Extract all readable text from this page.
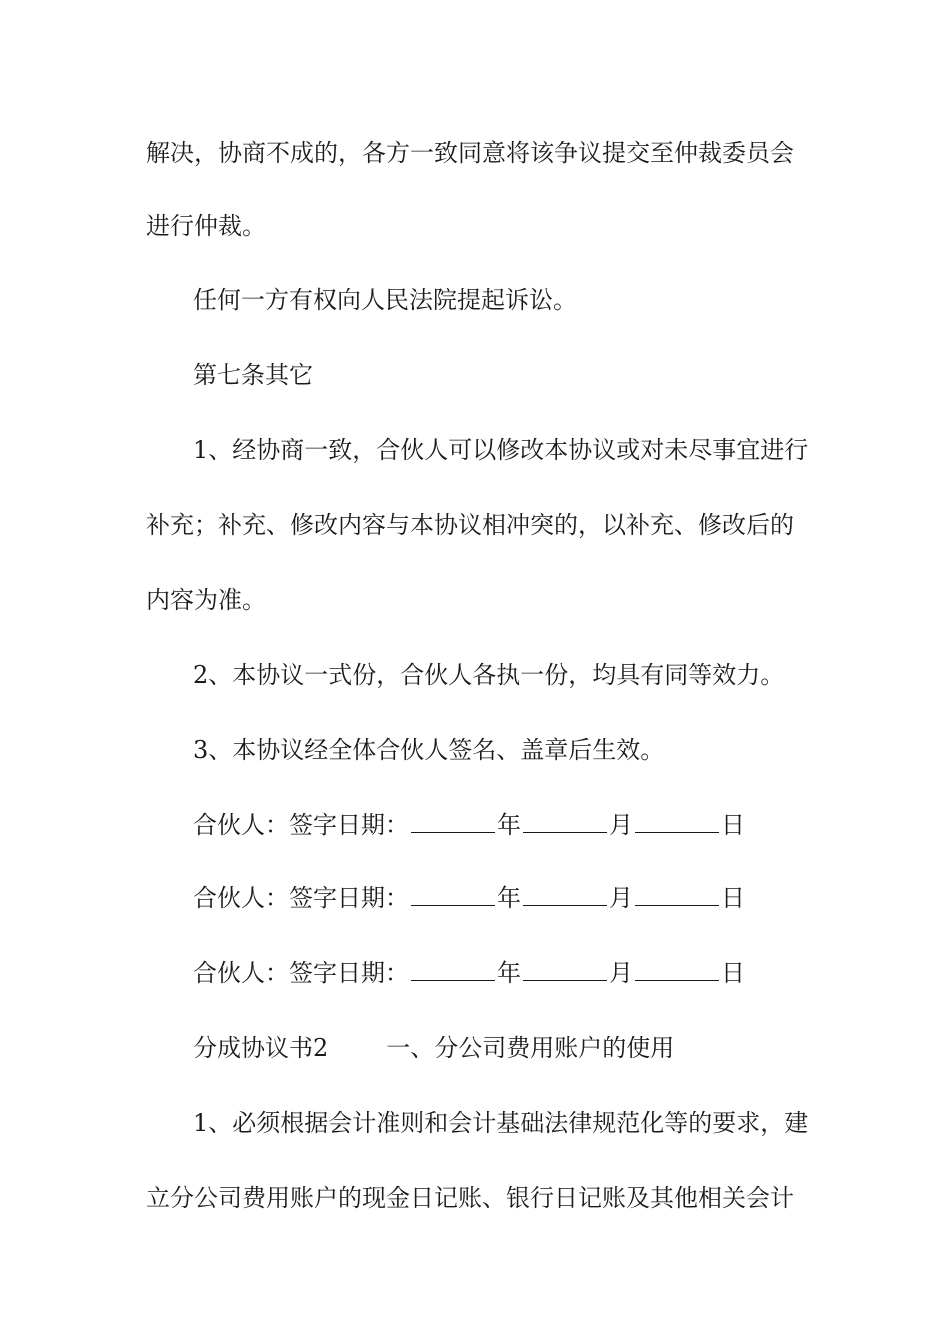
解决，协商不成的，各方一致同意将该争议提交至仲裁委员会

进行仲裁。

任何一方有权向人民法院提起诉讼。

第七条其它

1、经协商一致，合伙人可以修改本协议或对未尽事宜进行

补充；补充、修改内容与本协议相冲突的，以补充、修改后的

内容为准。

2、本协议一式份，合伙人各执一份，均具有同等效力。

3、本协议经全体合伙人签名、盖章后生效。

合伙人：签字日期：	年	月	日

合伙人：签字日期：	年	月	日

合伙人：签字日期：	年	月	日

分成协议书2 一、分公司费用账户的使用

1、必须根据会计准则和会计基础法律规范化等的要求，建

立分公司费用账户的现金日记账、银行日记账及其他相关会计
